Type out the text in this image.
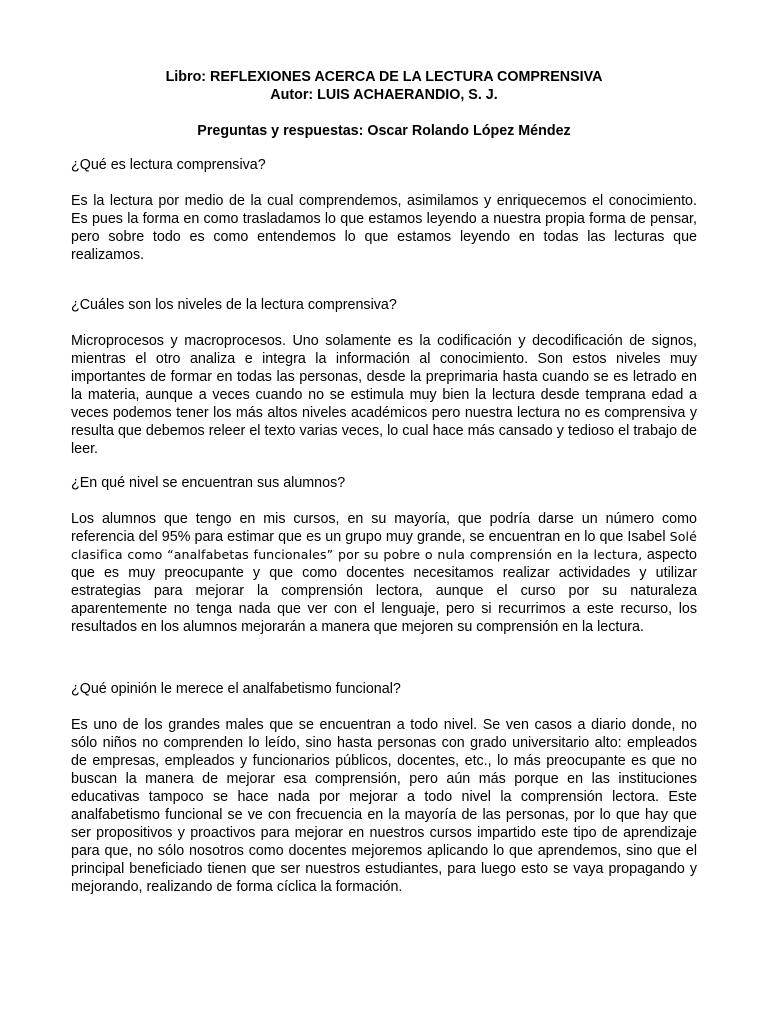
Libro: REFLEXIONES ACERCA DE LA LECTURA COMPRENSIVA

Autor: LUIS ACHAERANDIO, S. J.

Preguntas y respuestas: Oscar Rolando López Méndez

¿Qué es lectura comprensiva?

Es la lectura por medio de la cual comprendemos, asimilamos y enriquecemos el conocimiento. Es pues la forma en como trasladamos lo que estamos leyendo a nuestra propia forma de pensar, pero sobre todo es como entendemos lo que estamos leyendo en todas las lecturas que realizamos.

¿Cuáles son los niveles de la lectura comprensiva?

Microprocesos y macroprocesos. Uno solamente es la codificación y decodificación de signos, mientras el otro analiza e integra la información al conocimiento. Son estos niveles muy importantes de formar en todas las personas, desde la preprimaria hasta cuando se es letrado en la materia, aunque a veces cuando no se estimula muy bien la lectura desde temprana edad a veces podemos tener los más altos niveles académicos pero nuestra lectura no es comprensiva y resulta que debemos releer el texto varias veces, lo cual hace más cansado y tedioso el trabajo de leer.

¿En qué nivel se encuentran sus alumnos?

Los alumnos que tengo en mis cursos, en su mayoría, que podría darse un número como referencia del 95% para estimar que es un grupo muy grande, se encuentran en lo que Isabel Solé clasifica como “analfabetas funcionales” por su pobre o nula comprensión en la lectura, aspecto que es muy preocupante y que como docentes necesitamos realizar actividades y utilizar estrategias para mejorar la comprensión lectora, aunque el curso por su naturaleza aparentemente no tenga nada que ver con el lenguaje, pero si recurrimos a este recurso, los resultados en los alumnos mejorarán a manera que mejoren su comprensión en la lectura.

¿Qué opinión le merece el analfabetismo funcional?

Es uno de los grandes males que se encuentran a todo nivel. Se ven casos a diario donde, no sólo niños no comprenden lo leído, sino hasta personas con grado universitario alto: empleados de empresas, empleados y funcionarios públicos, docentes, etc., lo más preocupante es que no buscan la manera de mejorar esa comprensión, pero aún más porque en las instituciones educativas tampoco se hace nada por mejorar a todo nivel la comprensión lectora. Este analfabetismo funcional se ve con frecuencia en la mayoría de las personas, por lo que hay que ser propositivos y proactivos para mejorar en nuestros cursos impartido este tipo de aprendizaje para que, no sólo nosotros como docentes mejoremos aplicando lo que aprendemos, sino que el principal beneficiado tienen que ser nuestros estudiantes, para luego esto se vaya propagando y mejorando, realizando de forma cíclica la formación.
